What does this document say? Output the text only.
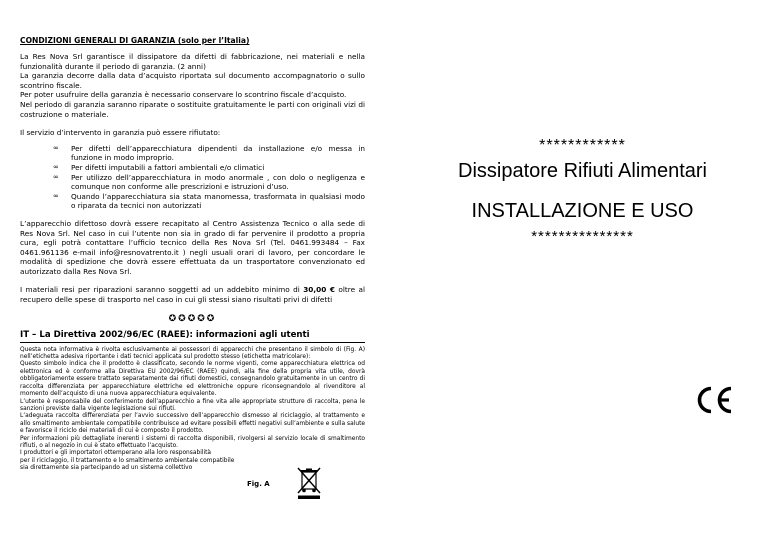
CONDIZIONI GENERALI DI GARANZIA (solo per l’Italia)

La Res Nova Srl garantisce il dissipatore da difetti di fabbricazione, nei materiali e nella funzionalità durante il periodo di garanzia. (2 anni)

La garanzia decorre dalla data d’acquisto riportata sul documento accompagnatorio o sullo scontrino fiscale.

Per poter usufruire della garanzia è necessario conservare lo scontrino fiscale d’acquisto.

Nel periodo di garanzia saranno riparate o sostituite gratuitamente le parti con originali vizi di costruzione o materiale.

Il servizio d’intervento in garanzia può essere rifiutato:

∞ Per difetti dell’apparecchiatura dipendenti da installazione e/o messa in funzione in modo improprio.
∞ Per difetti imputabili a fattori ambientali e/o climatici
∞ Per utilizzo dell’apparecchiatura in modo anormale , con dolo o negligenza e comunque non conforme alle prescrizioni e istruzioni d’uso.
∞ Quando l’apparecchiatura sia stata manomessa, trasformata in qualsiasi modo o riparata da tecnici non autorizzati

L’apparecchio difettoso dovrà essere recapitato al Centro Assistenza Tecnico o alla sede di Res Nova Srl. Nel caso in cui l’utente non sia in grado di far pervenire il prodotto a propria cura, egli potrà contattare l’ufficio tecnico della Res Nova Srl (Tel. 0461.993484 – Fax 0461.961136 e-mail info@resnovatrento.it ) negli usuali orari di lavoro, per concordare le modalità di spedizione che dovrà essere effettuata da un trasportatore convenzionato ed autorizzato dalla Res Nova Srl.

I materiali resi per riparazioni saranno soggetti ad un addebito minimo di 30,00 € oltre al recupero delle spese di trasporto nel caso in cui gli stessi siano risultati privi di difetti

✪✪✪✪✪
IT – La Direttiva 2002/96/EC (RAEE): informazioni agli utenti

Questa nota informativa è rivolta esclusivamente ai possessori di apparecchi che presentano il simbolo di (Fig. A) nell’etichetta adesiva riportante i dati tecnici applicata sul prodotto stesso (etichetta matricolare):

Questo simbolo indica che il prodotto è classificato, secondo le norme vigenti, come apparecchiatura elettrica od elettronica ed è conforme alla Direttiva EU 2002/96/EC (RAEE) quindi, alla fine della propria vita utile, dovrà obbligatoriamente essere trattato separatamente dai rifiuti domestici, consegnandolo gratuitamente in un centro di raccolta differenziata per apparecchiature elettriche ed elettroniche oppure riconsegnandolo al rivenditore al momento dell’acquisto di una nuova apparecchiatura equivalente.

L’utente è responsabile del conferimento dell’apparecchio a fine vita alle appropriate strutture di raccolta, pena le sanzioni previste dalla vigente legislazione sui rifiuti.

L’adeguata raccolta differenziata per l’avvio successivo dell’apparecchio dismesso al riciclaggio, al trattamento e allo smaltimento ambientale compatibile contribuisce ad evitare possibili effetti negativi sull’ambiente e sulla salute e favorisce il riciclo dei materiali di cui è composto il prodotto.

Per informazioni più dettagliate inerenti i sistemi di raccolta disponibili, rivolgersi al servizio locale di smaltimento rifiuti, o al negozio in cui è stato effettuato l’acquisto.

I produttori e gli importatori ottemperano alla loro responsabilità

per il riciclaggio, il trattamento e lo smaltimento ambientale compatibile

sia direttamente sia partecipando ad un sistema collettivo

Fig. A
************
Dissipatore Rifiuti Alimentari
INSTALLAZIONE E USO
***************
